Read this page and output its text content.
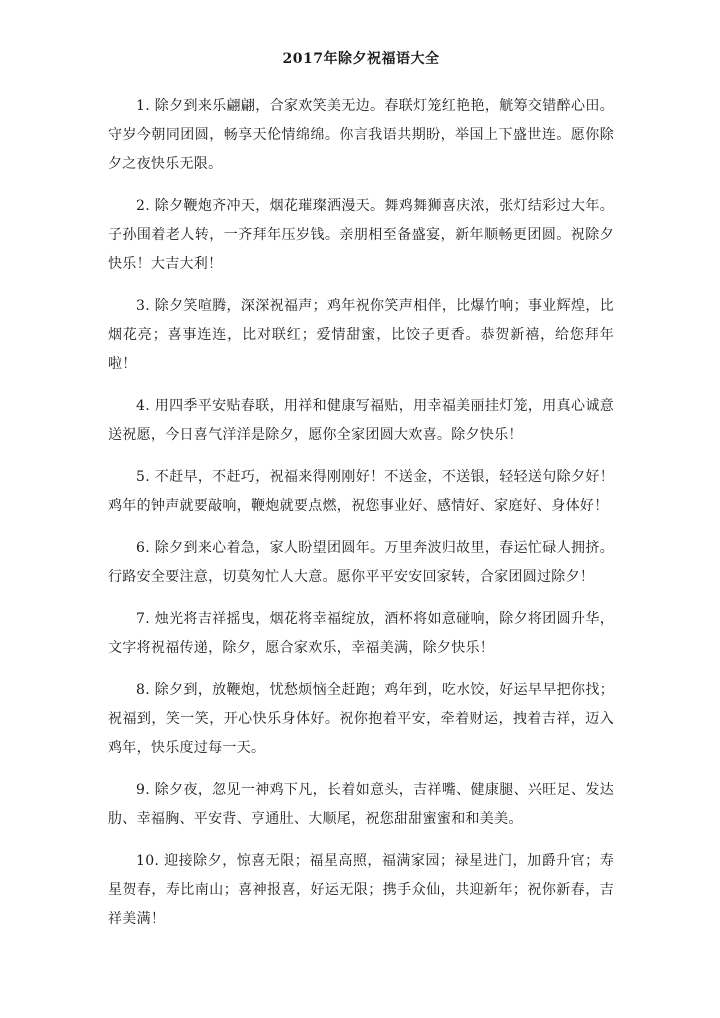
2017年除夕祝福语大全

1. 除夕到来乐翩翩，合家欢笑美无边。春联灯笼红艳艳，觥筹交错醉心田。守岁今朝同团圆，畅享天伦情绵绵。你言我语共期盼，举国上下盛世连。愿你除夕之夜快乐无限。

2. 除夕鞭炮齐冲天，烟花璀璨洒漫天。舞鸡舞狮喜庆浓，张灯结彩过大年。子孙围着老人转，一齐拜年压岁钱。亲朋相至备盛宴，新年顺畅更团圆。祝除夕快乐！大吉大利！

3. 除夕笑喧腾，深深祝福声；鸡年祝你笑声相伴，比爆竹响；事业辉煌，比烟花亮；喜事连连，比对联红；爱情甜蜜，比饺子更香。恭贺新禧，给您拜年啦！

4. 用四季平安贴春联，用祥和健康写福贴，用幸福美丽挂灯笼，用真心诚意送祝愿，今日喜气洋洋是除夕，愿你全家团圆大欢喜。除夕快乐！

5. 不赶早，不赶巧，祝福来得刚刚好！不送金，不送银，轻轻送句除夕好！鸡年的钟声就要敲响，鞭炮就要点燃，祝您事业好、感情好、家庭好、身体好！

6. 除夕到来心着急，家人盼望团圆年。万里奔波归故里，春运忙碌人拥挤。行路安全要注意，切莫匆忙人大意。愿你平平安安回家转，合家团圆过除夕！

7. 烛光将吉祥摇曳，烟花将幸福绽放，酒杯将如意碰响，除夕将团圆升华，文字将祝福传递，除夕，愿合家欢乐，幸福美满，除夕快乐！

8. 除夕到，放鞭炮，忧愁烦恼全赶跑；鸡年到，吃水饺，好运早早把你找；祝福到，笑一笑，开心快乐身体好。祝你抱着平安，牵着财运，拽着吉祥，迈入鸡年，快乐度过每一天。

9. 除夕夜，忽见一神鸡下凡，长着如意头，吉祥嘴、健康腿、兴旺足、发达肋、幸福胸、平安背、亨通肚、大顺尾，祝您甜甜蜜蜜和和美美。

10. 迎接除夕，惊喜无限；福星高照，福满家园；禄星进门，加爵升官；寿星贺春，寿比南山；喜神报喜，好运无限；携手众仙，共迎新年；祝你新春，吉祥美满！
